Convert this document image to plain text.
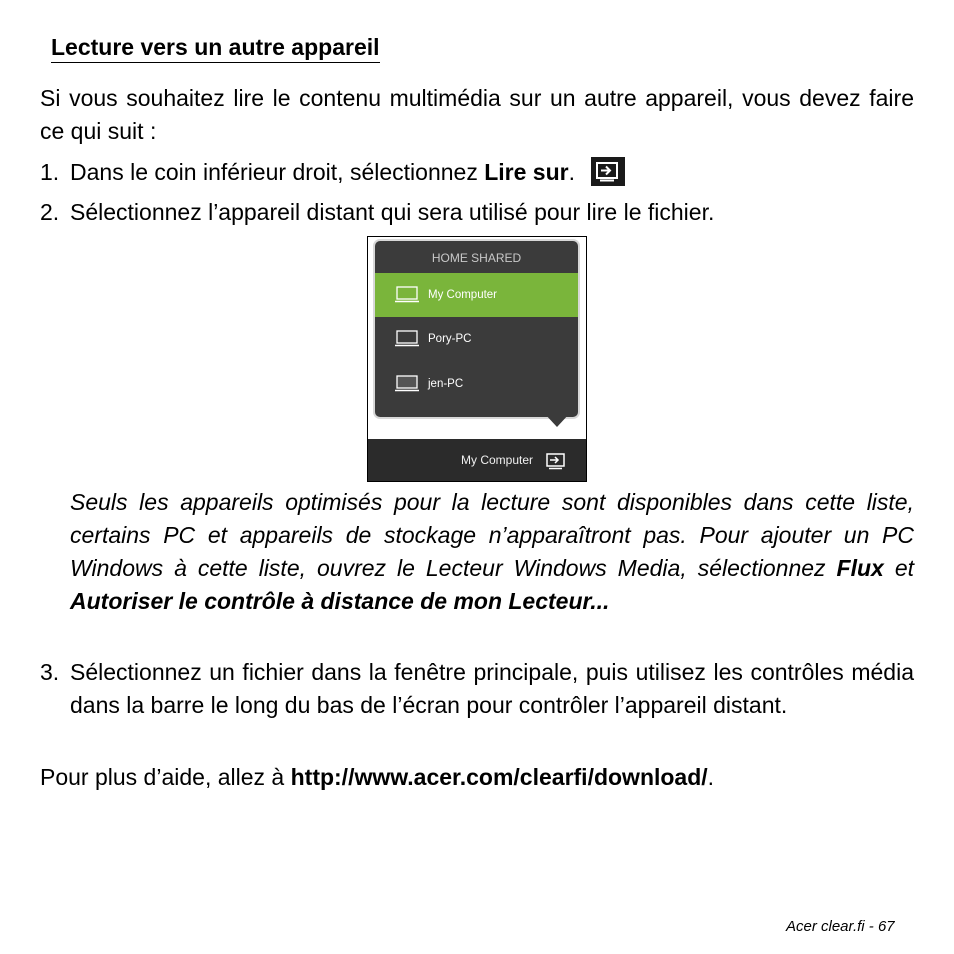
Lecture vers un autre appareil
Si vous souhaitez lire le contenu multimédia sur un autre appareil, vous devez faire ce qui suit :
1. Dans le coin inférieur droit, sélectionnez Lire sur.
2. Sélectionnez l’appareil distant qui sera utilisé pour lire le fichier.
HOME SHARED
My Computer
Pory-PC
jen-PC
My Computer
Seuls les appareils optimisés pour la lecture sont disponibles dans cette liste, certains PC et appareils de stockage n’apparaîtront pas. Pour ajouter un PC Windows à cette liste, ouvrez le Lecteur Windows Media, sélectionnez Flux et Autoriser le contrôle à distance de mon Lecteur...
3. Sélectionnez un fichier dans la fenêtre principale, puis utilisez les contrôles média dans la barre le long du bas de l’écran pour contrôler l’appareil distant.
Pour plus d’aide, allez à http://www.acer.com/clearfi/download/.
Acer clear.fi - 67
